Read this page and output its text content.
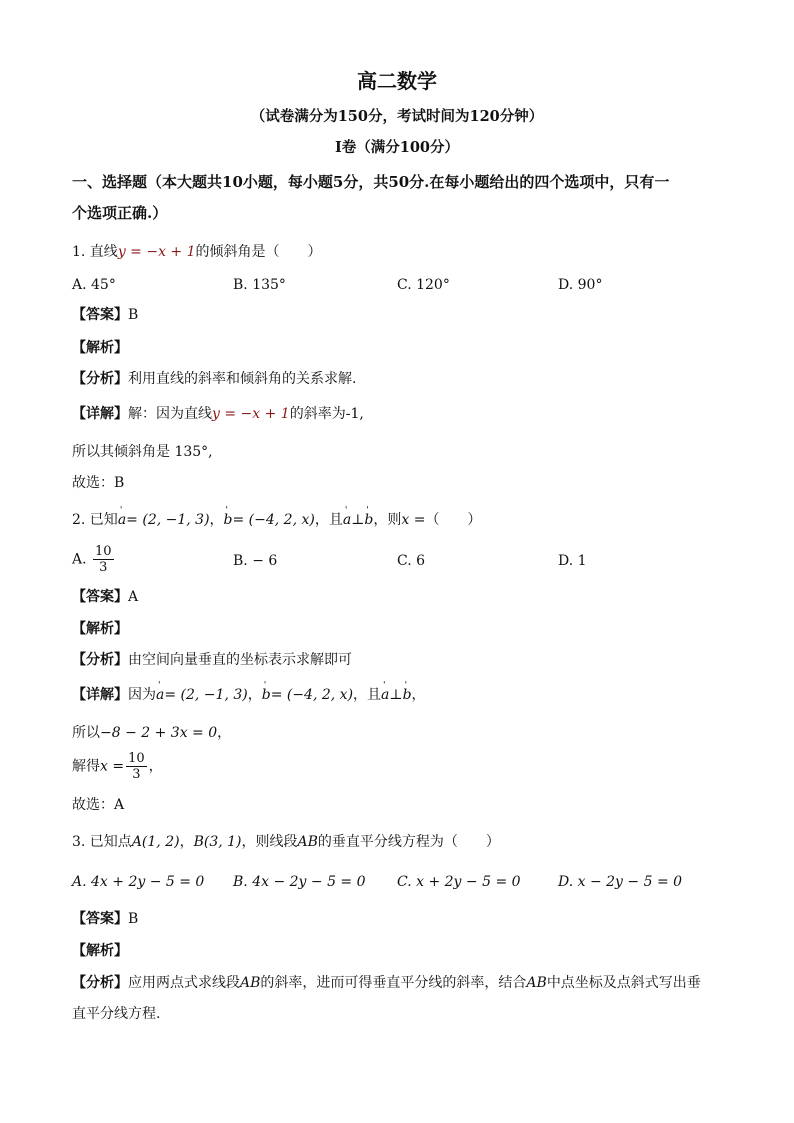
高二数学
（试卷满分为150分，考试时间为120分钟）
Ⅰ卷（满分100分）
一、选择题（本大题共10小题，每小题5分，共50分.在每小题给出的四个选项中，只有一
个选项正确.）
1. 直线y = −x + 1的倾斜角是（　　）
A. 45°	B. 135°	C. 120°	D. 90°
【答案】B
【解析】
【分析】利用直线的斜率和倾斜角的关系求解.
【详解】解：因为直线y = −x + 1的斜率为-1,
所以其倾斜角是 135°,
故选：B
2. 已知' a= (2, −1, 3)，' b= (−4, 2, x)，且' a⊥' b，则x =（　　）
A. $\frac{10}{3}$	B. − 6	C. 6	D. 1
【答案】A
【解析】
【分析】由空间向量垂直的坐标表示求解即可
【详解】因为' a= (2, −1, 3)，' b= (−4, 2, x)，且' a⊥' b，
所以−8 − 2 + 3x = 0，
解得$x = \frac{10}{3}$ ，
故选：A
3. 已知点A(1, 2)，B(3, 1)，则线段AB的垂直平分线方程为（　　）
A. 4x + 2y − 5 = 0 B. 4x − 2y − 5 = 0 C. x + 2y − 5 = 0	D. x − 2y − 5 = 0
【答案】B
【解析】
【分析】应用两点式求线段AB的斜率，进而可得垂直平分线的斜率，结合AB中点坐标及点斜式写出垂
直平分线方程.
